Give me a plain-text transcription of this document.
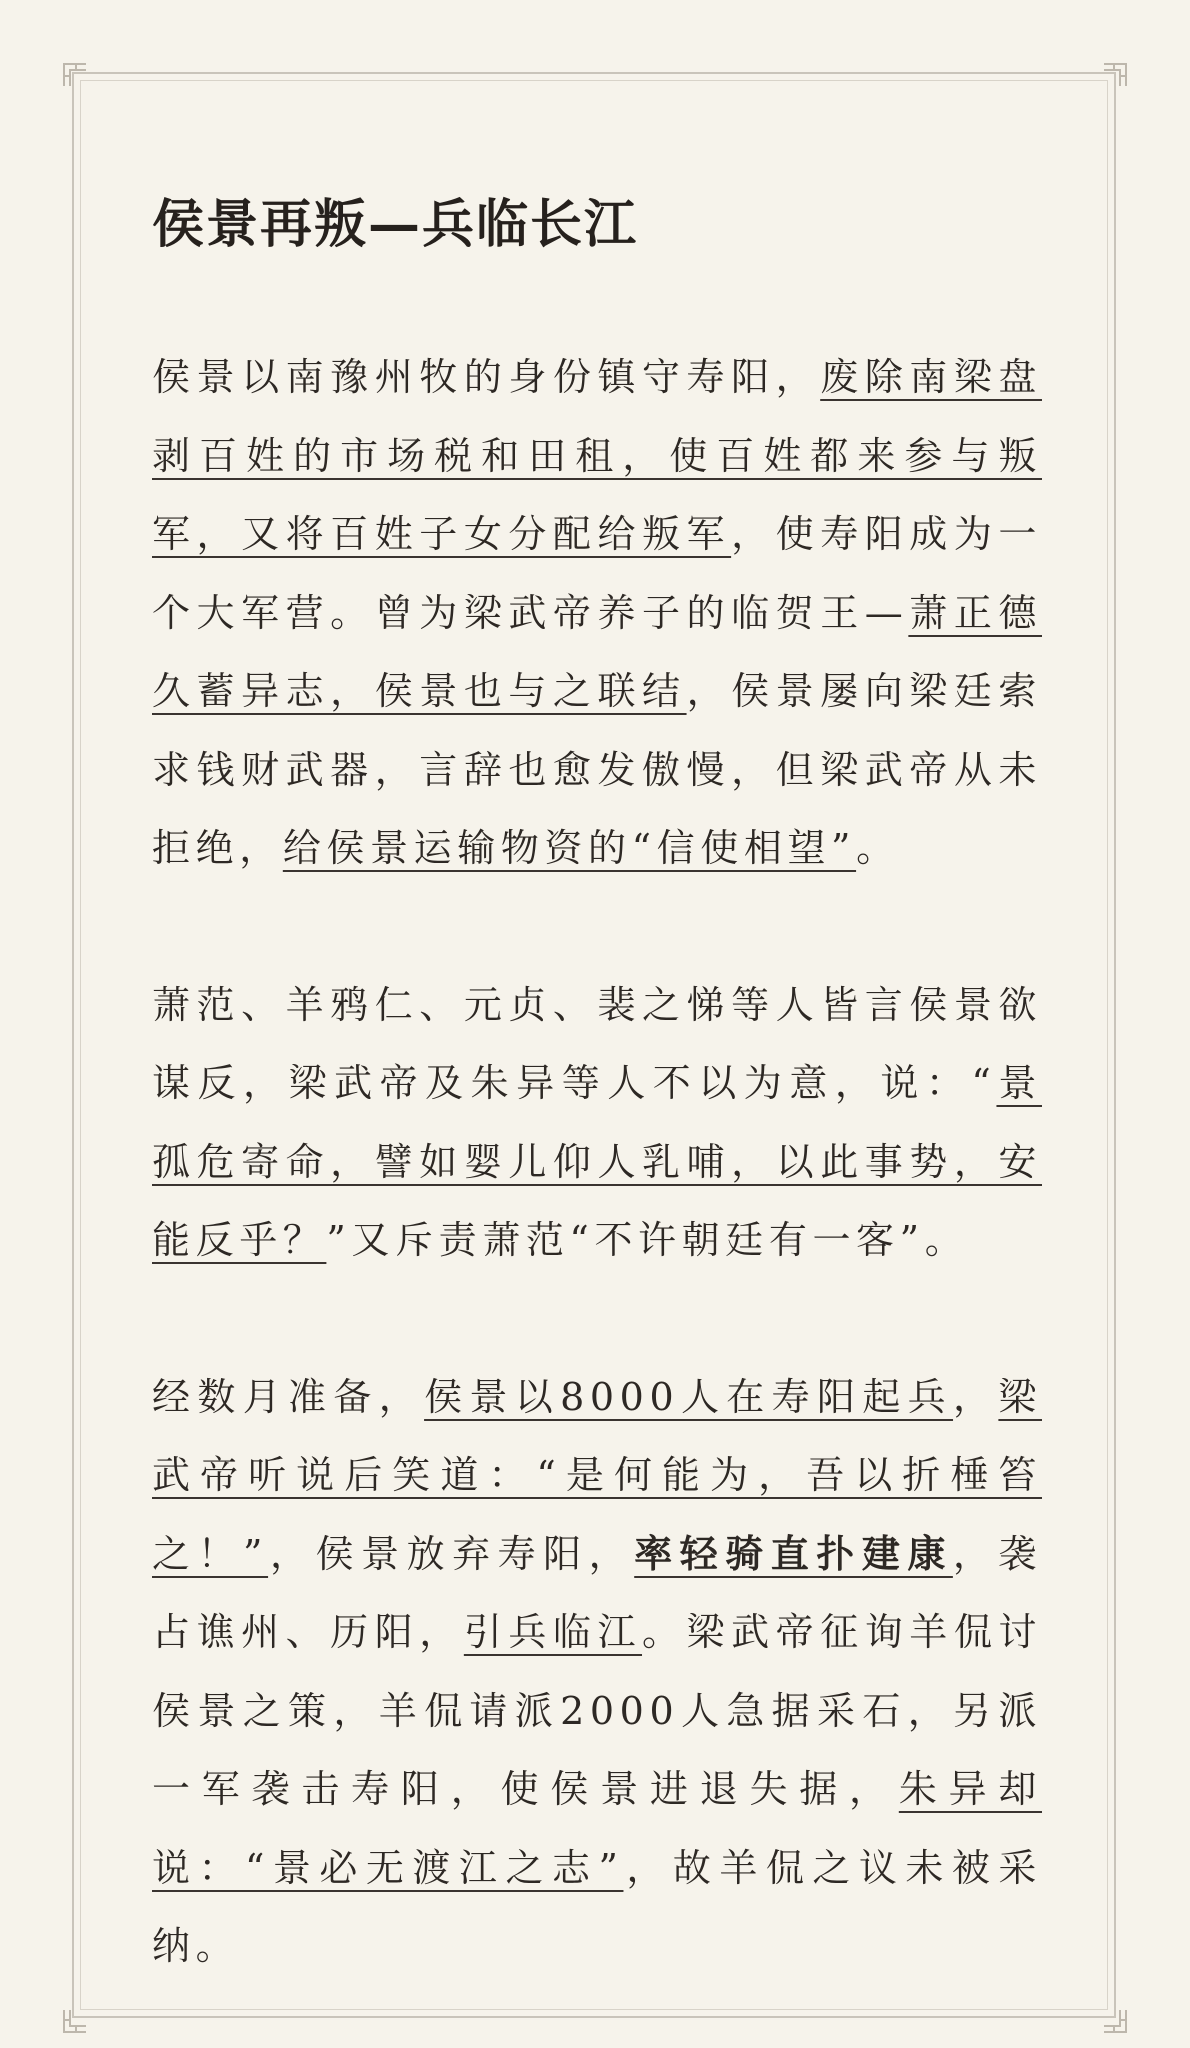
侯景再叛—兵临长江

侯景以南豫州牧的身份镇守寿阳，废除南梁盘剥百姓的市场税和田租，使百姓都来参与叛军，又将百姓子女分配给叛军，使寿阳成为一个大军营。曾为梁武帝养子的临贺王—萧正德久蓄异志，侯景也与之联结，侯景屡向梁廷索求钱财武器，言辞也愈发傲慢，但梁武帝从未拒绝，给侯景运输物资的“信使相望”。

萧范、羊鸦仁、元贞、裴之悌等人皆言侯景欲谋反，梁武帝及朱异等人不以为意，说：“景孤危寄命，譬如婴儿仰人乳哺，以此事势，安能反乎？”又斥责萧范“不许朝廷有一客”。

经数月准备，侯景以8000人在寿阳起兵，梁武帝听说后笑道：“是何能为，吾以折棰笞之！”，侯景放弃寿阳，率轻骑直扑建康，袭占谯州、历阳，引兵临江。梁武帝征询羊侃讨侯景之策，羊侃请派2000人急据采石，另派一军袭击寿阳，使侯景进退失据，朱异却说：“景必无渡江之志”，故羊侃之议未被采纳。
